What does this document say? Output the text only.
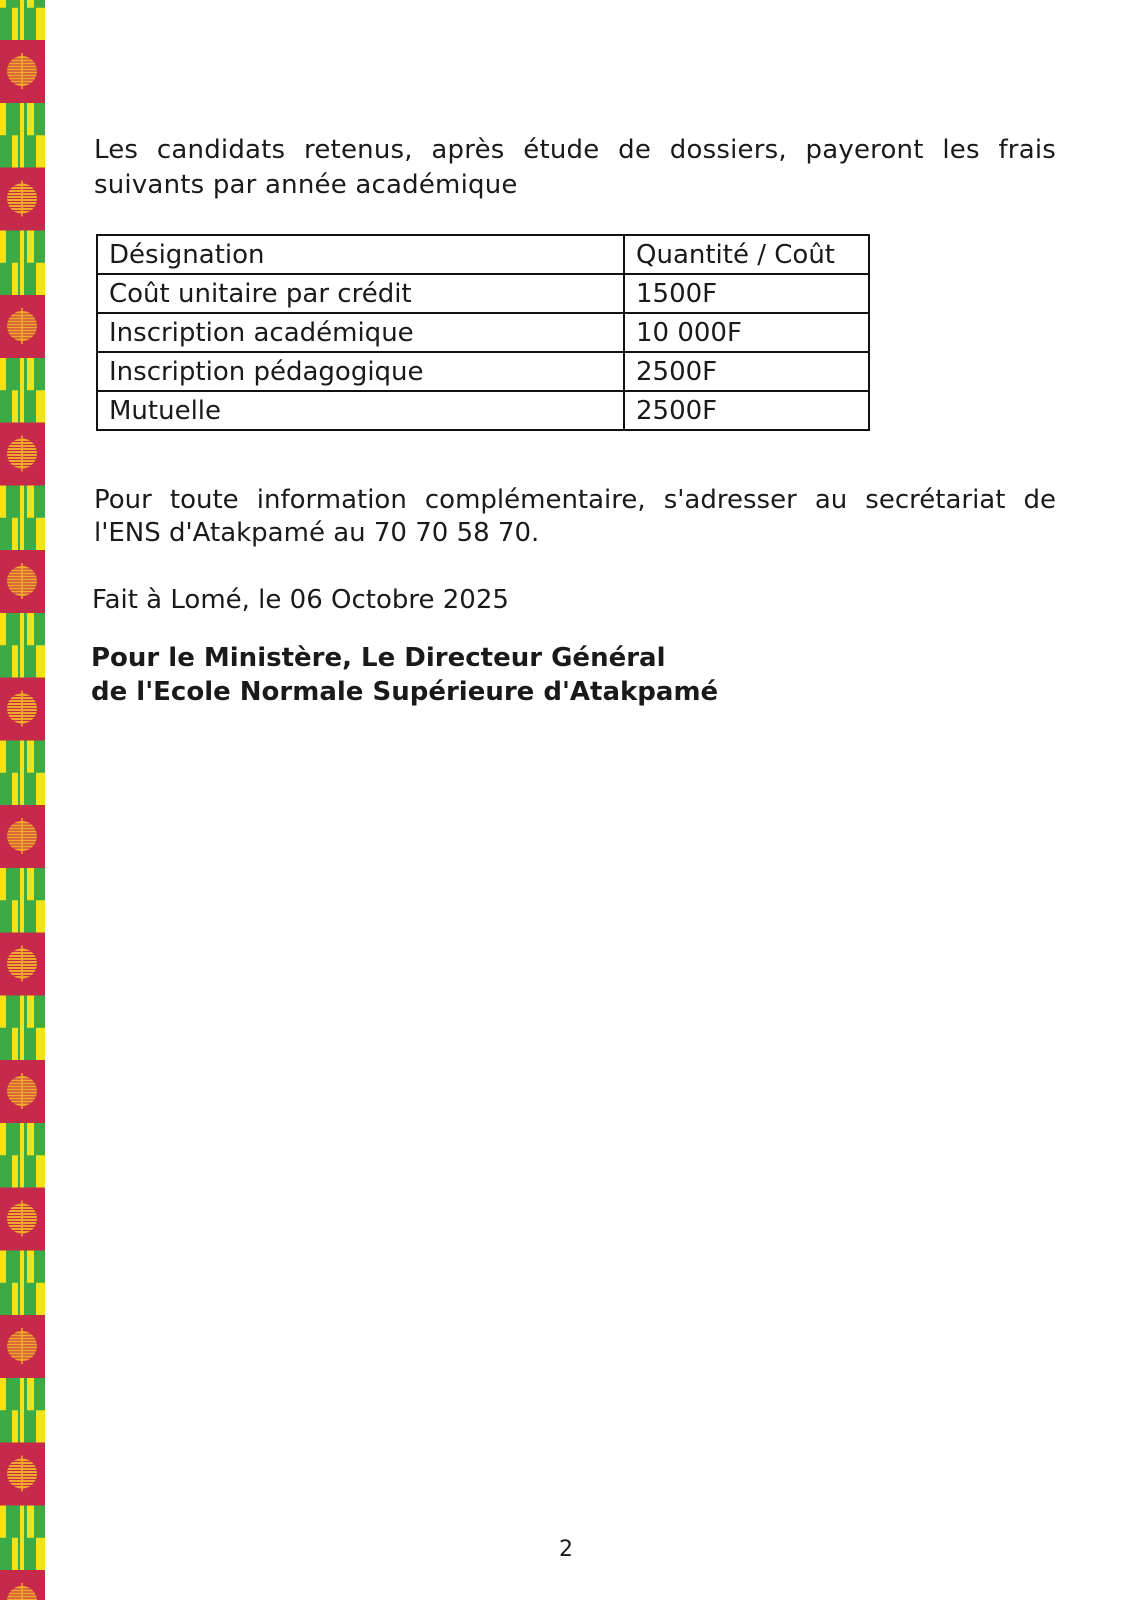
Les candidats retenus, après étude de dossiers, payeront les frais suivants par année académique

Désignation	Quantité / Coût
Coût unitaire par crédit	1500F
Inscription académique	10 000F
Inscription pédagogique	2500F
Mutuelle	2500F

Pour toute information complémentaire, s'adresser au secrétariat de l'ENS d'Atakpamé au 70 70 58 70.

Fait à Lomé, le 06 Octobre 2025

Pour le Ministère, Le Directeur Général
de l'Ecole Normale Supérieure d'Atakpamé

2
